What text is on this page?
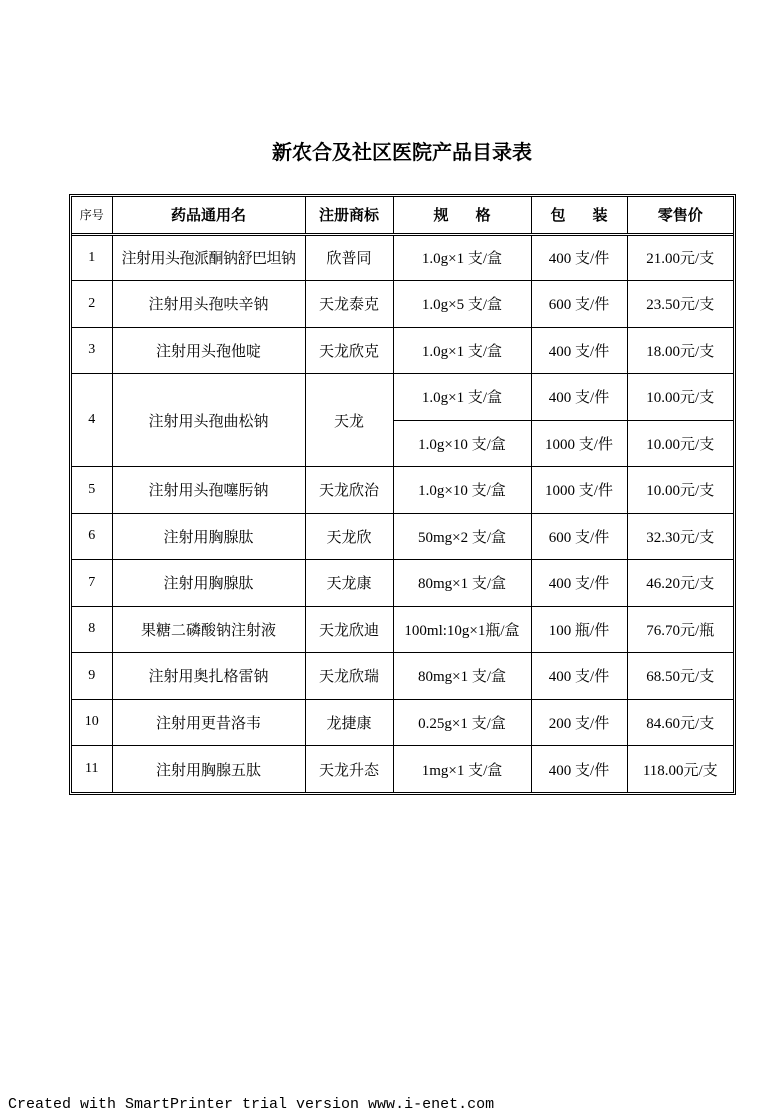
新农合及社区医院产品目录表
序号	药品通用名	注册商标	规    格	包    装	零售价
1	注射用头孢派酮钠舒巴坦钠	欣普同	1.0g×1 支/盒	400 支/件	21.00元/支
2	注射用头孢呋辛钠	天龙泰克	1.0g×5 支/盒	600 支/件	23.50元/支
3	注射用头孢他啶	天龙欣克	1.0g×1 支/盒	400 支/件	18.00元/支
4	注射用头孢曲松钠	天龙	1.0g×1 支/盒	400 支/件	10.00元/支
			1.0g×10 支/盒	1000 支/件	10.00元/支
5	注射用头孢噻肟钠	天龙欣治	1.0g×10 支/盒	1000 支/件	10.00元/支
6	注射用胸腺肽	天龙欣	50mg×2 支/盒	600 支/件	32.30元/支
7	注射用胸腺肽	天龙康	80mg×1 支/盒	400 支/件	46.20元/支
8	果糖二磷酸钠注射液	天龙欣迪	100ml:10g×1瓶/盒	100 瓶/件	76.70元/瓶
9	注射用奥扎格雷钠	天龙欣瑞	80mg×1 支/盒	400 支/件	68.50元/支
10	注射用更昔洛韦	龙捷康	0.25g×1 支/盒	200 支/件	84.60元/支
11	注射用胸腺五肽	天龙升态	1mg×1 支/盒	400 支/件	118.00元/支
Created with SmartPrinter trial version www.i-enet.com
